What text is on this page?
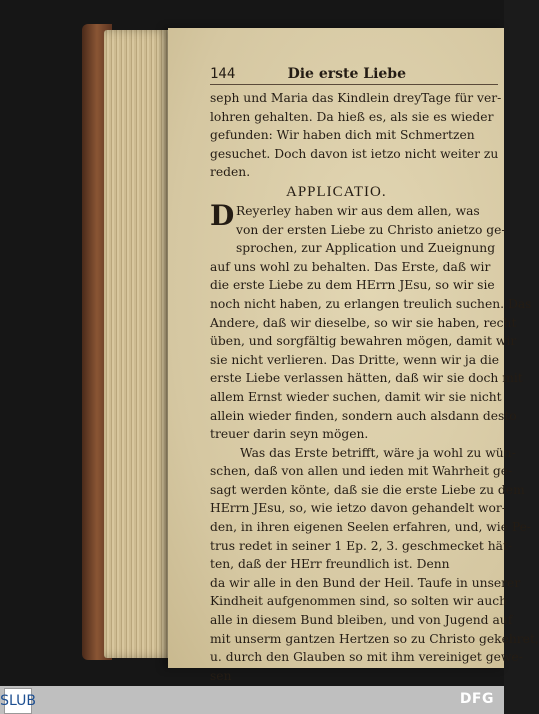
144	Die erste Liebe
seph und Maria das Kindlein dreyTage für ver-
lohren gehalten. Da hieß es, als sie es wieder
gefunden: Wir haben dich mit Schmertzen
gesuchet. Doch davon ist ietzo nicht weiter zu
reden.
APPLICATIO.
D Reyerley haben wir aus dem allen, was
von der ersten Liebe zu Christo anietzo ge-
sprochen, zur Application und Zueignung
auf uns wohl zu behalten. Das Erste, daß wir
die erste Liebe zu dem HErrn JEsu, so wir sie
noch nicht haben, zu erlangen treulich suchen. Das
Andere, daß wir dieselbe, so wir sie haben, recht
üben, und sorgfältig bewahren mögen, damit wir
sie nicht verlieren. Das Dritte, wenn wir ja die
erste Liebe verlassen hätten, daß wir sie doch mit
allem Ernst wieder suchen, damit wir sie nicht
allein wieder finden, sondern auch alsdann desto
treuer darin seyn mögen.
Was das Erste betrifft, wäre ja wohl zu wün-
schen, daß von allen und ieden mit Wahrheit ge-
sagt werden könte, daß sie die erste Liebe zu dem
HErrn JEsu, so, wie ietzo davon gehandelt wor-
den, in ihren eigenen Seelen erfahren, und, wie Pe-
trus redet in seiner 1 Ep. 2, 3. geschmecket hät-
ten, daß der HErr freundlich ist. Denn
da wir alle in den Bund der Heil. Taufe in unserer
Kindheit aufgenommen sind, so solten wir auch
alle in diesem Bund bleiben, und von Jugend auf
mit unserm gantzen Hertzen so zu Christo gekehret,
u. durch den Glauben so mit ihm vereiniget gewe-
sen
SLUB	DFG
